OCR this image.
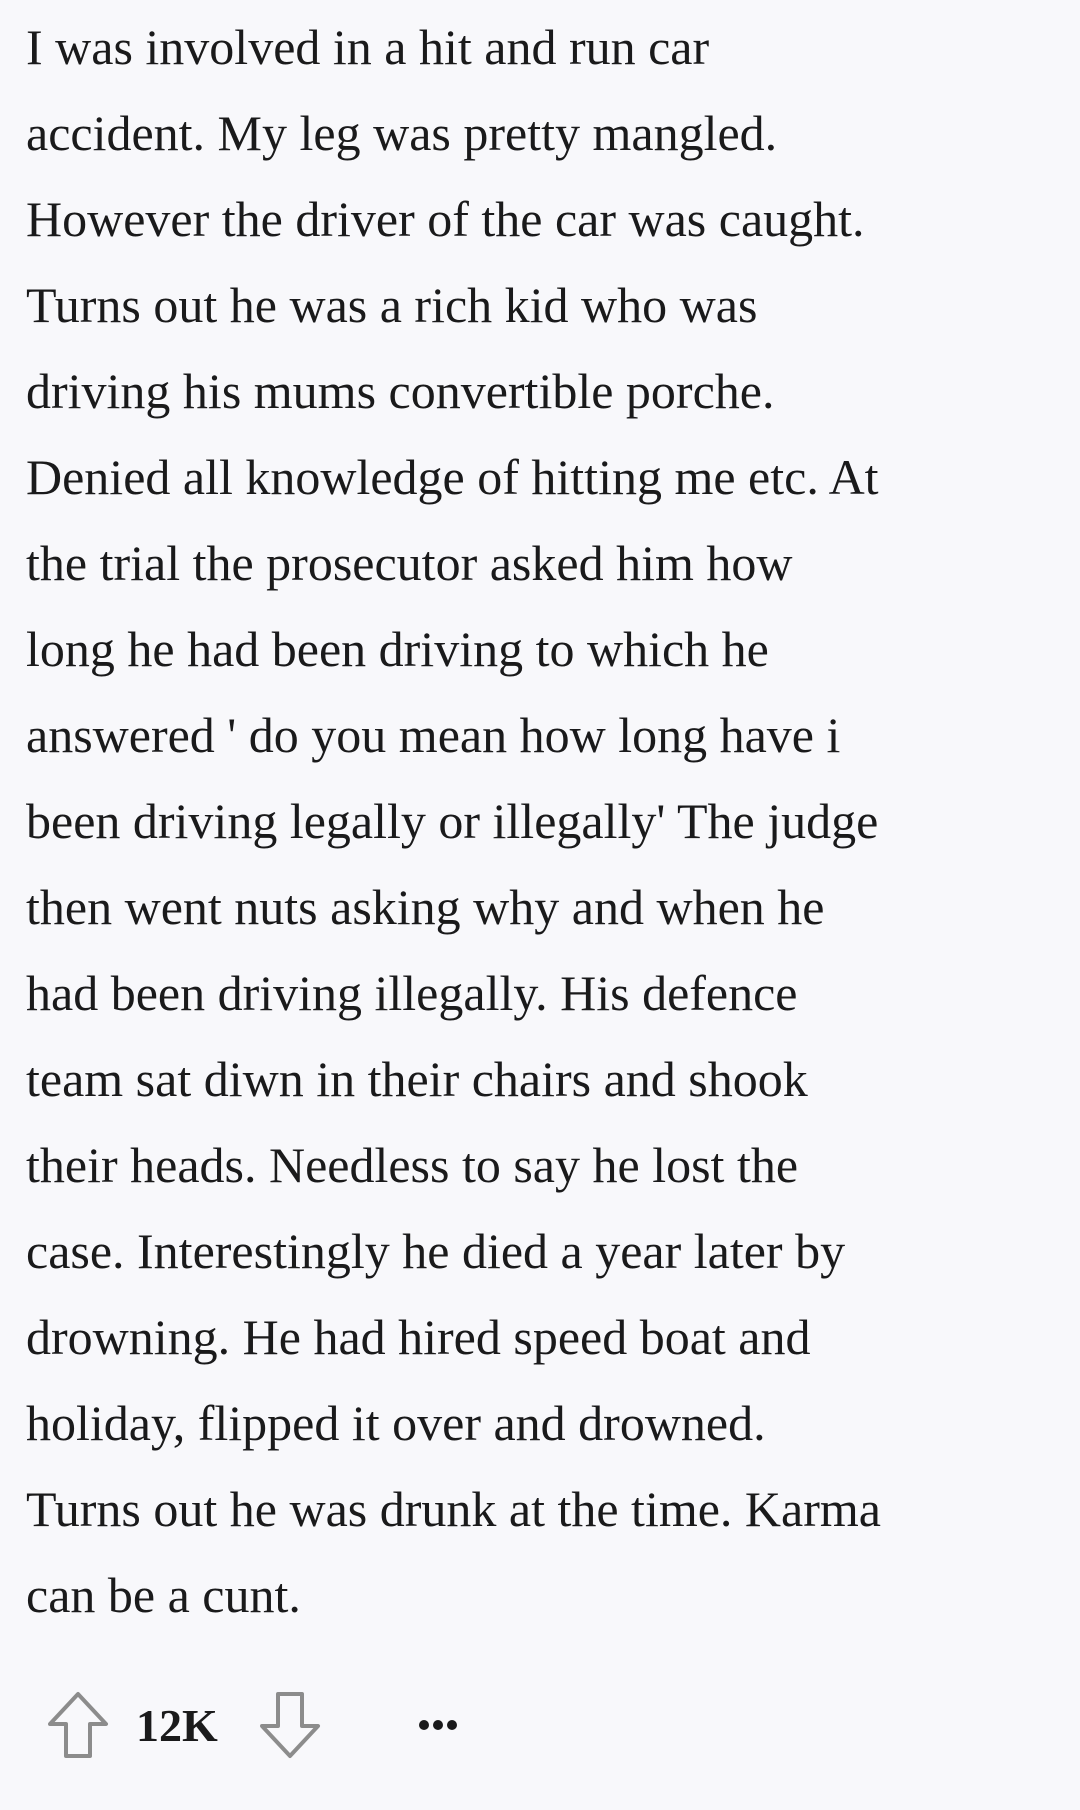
I was involved in a hit and run car
accident. My leg was pretty mangled.
However the driver of the car was caught.
Turns out he was a rich kid who was
driving his mums convertible porche.
Denied all knowledge of hitting me etc. At
the trial the prosecutor asked him how
long he had been driving to which he
answered ' do you mean how long have i
been driving legally or illegally' The judge
then went nuts asking why and when he
had been driving illegally. His defence
team sat diwn in their chairs and shook
their heads. Needless to say he lost the
case. Interestingly he died a year later by
drowning. He had hired speed boat and
holiday, flipped it over and drowned.
Turns out he was drunk at the time. Karma
can be a cunt.
12K
